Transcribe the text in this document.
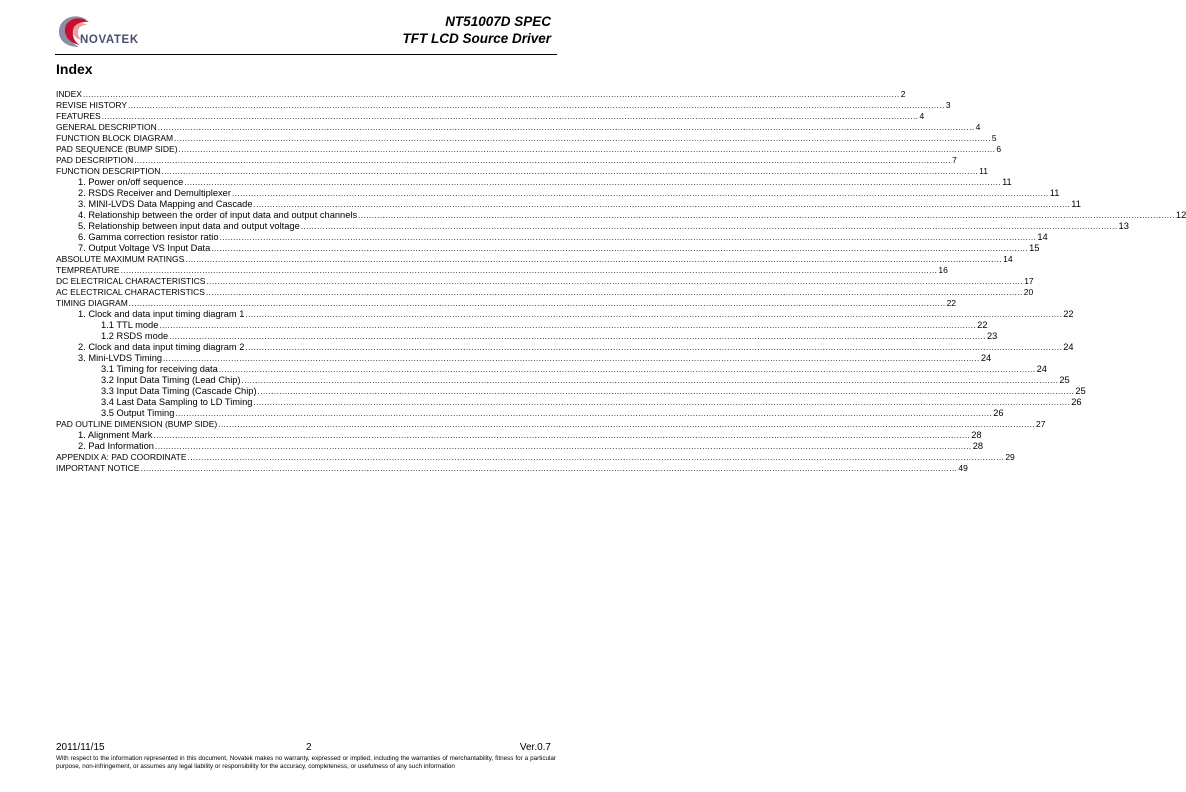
NOVATEK
NT51007D SPEC
TFT LCD Source Driver
Index
INDEX ............................................................................................................................................................................................................................................................................................................ 2
REVISE HISTORY ............................................................................................................................................................................................................................................................................................................ 3
FEATURES ............................................................................................................................................................................................................................................................................................................ 4
GENERAL DESCRIPTION ............................................................................................................................................................................................................................................................................................................ 4
FUNCTION BLOCK DIAGRAM ............................................................................................................................................................................................................................................................................................................ 5
PAD SEQUENCE (BUMP SIDE) ............................................................................................................................................................................................................................................................................................................ 6
PAD DESCRIPTION ............................................................................................................................................................................................................................................................................................................ 7
FUNCTION DESCRIPTION ............................................................................................................................................................................................................................................................................................................ 11
1. Power on/off sequence ............................................................................................................................................................................................................................................................................................................ 11
2. RSDS Receiver and Demultiplexer ............................................................................................................................................................................................................................................................................................................ 11
3. MINI-LVDS Data Mapping and Cascade ............................................................................................................................................................................................................................................................................................................ 11
4. Relationship between the order of input data and output channels ............................................................................................................................................................................................................................................................................................................ 12
5. Relationship between input data and output voltage ............................................................................................................................................................................................................................................................................................................ 13
6. Gamma correction resistor ratio ............................................................................................................................................................................................................................................................................................................ 14
7. Output Voltage VS Input Data ............................................................................................................................................................................................................................................................................................................ 15
ABSOLUTE MAXIMUM RATINGS ............................................................................................................................................................................................................................................................................................................ 14
TEMPREATURE ............................................................................................................................................................................................................................................................................................................ 16
DC ELECTRICAL CHARACTERISTICS ............................................................................................................................................................................................................................................................................................................ 17
AC ELECTRICAL CHARACTERISTICS ............................................................................................................................................................................................................................................................................................................ 20
TIMING DIAGRAM ............................................................................................................................................................................................................................................................................................................ 22
1. Clock and data input timing diagram 1 ............................................................................................................................................................................................................................................................................................................ 22
1.1 TTL mode ............................................................................................................................................................................................................................................................................................................ 22
1.2 RSDS mode ............................................................................................................................................................................................................................................................................................................ 23
2. Clock and data input timing diagram 2 ............................................................................................................................................................................................................................................................................................................ 24
3. Mini-LVDS Timing ............................................................................................................................................................................................................................................................................................................ 24
3.1 Timing for receiving data ............................................................................................................................................................................................................................................................................................................ 24
3.2 Input Data Timing (Lead Chip) ............................................................................................................................................................................................................................................................................................................ 25
3.3 Input Data Timing (Cascade Chip) ............................................................................................................................................................................................................................................................................................................ 25
3.4 Last Data Sampling to LD Timing ............................................................................................................................................................................................................................................................................................................ 26
3.5 Output Timing ............................................................................................................................................................................................................................................................................................................ 26
PAD OUTLINE DIMENSION (BUMP SIDE) ............................................................................................................................................................................................................................................................................................................ 27
1. Alignment Mark ............................................................................................................................................................................................................................................................................................................ 28
2. Pad Information ............................................................................................................................................................................................................................................................................................................ 28
APPENDIX A: PAD COORDINATE ............................................................................................................................................................................................................................................................................................................ 29
IMPORTANT NOTICE ............................................................................................................................................................................................................................................................................................................ 49
2011/11/15	2	Ver.0.7
With respect to the information represented in this document, Novatek makes no warranty, expressed or implied, including the warranties of merchantability, fitness for a particular purpose, non-infringement, or assumes any legal liability or responsibility for the accuracy, completeness, or usefulness of any such information
